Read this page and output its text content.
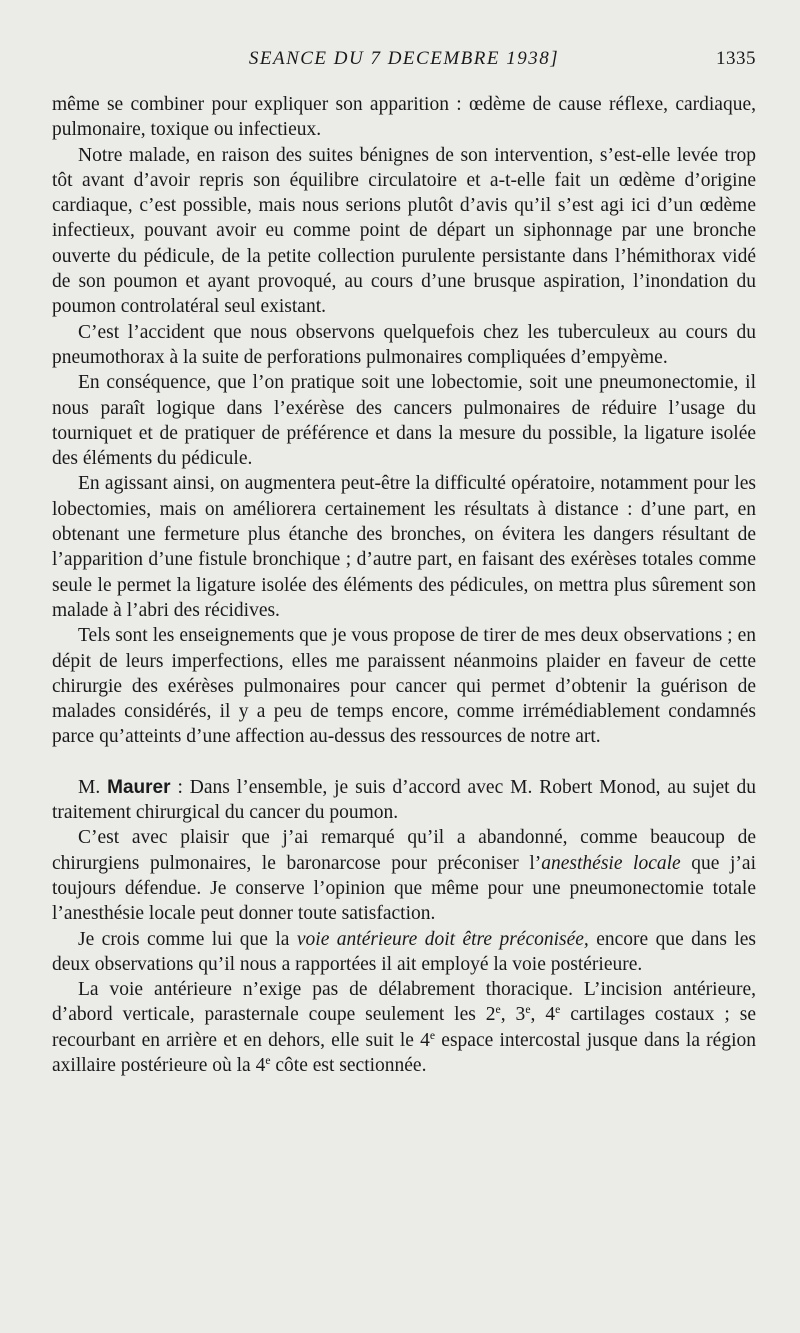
SEANCE DU 7 DECEMBRE 1938]	1335

même se combiner pour expliquer son apparition : œdème de cause réflexe, cardiaque, pulmonaire, toxique ou infectieux.

Notre malade, en raison des suites bénignes de son intervention, s’est-elle levée trop tôt avant d’avoir repris son équilibre circulatoire et a-t-elle fait un œdème d’origine cardiaque, c’est possible, mais nous serions plutôt d’avis qu’il s’est agi ici d’un œdème infectieux, pouvant avoir eu comme point de départ un siphonnage par une bronche ouverte du pédicule, de la petite collection purulente persistante dans l’hémithorax vidé de son poumon et ayant provoqué, au cours d’une brusque aspiration, l’inondation du poumon controlatéral seul existant.

C’est l’accident que nous observons quelquefois chez les tuberculeux au cours du pneumothorax à la suite de perforations pulmonaires compliquées d’empyème.

En conséquence, que l’on pratique soit une lobectomie, soit une pneumonectomie, il nous paraît logique dans l’exérèse des cancers pulmonaires de réduire l’usage du tourniquet et de pratiquer de préférence et dans la mesure du possible, la ligature isolée des éléments du pédicule.

En agissant ainsi, on augmentera peut-être la difficulté opératoire, notamment pour les lobectomies, mais on améliorera certainement les résultats à distance : d’une part, en obtenant une fermeture plus étanche des bronches, on évitera les dangers résultant de l’apparition d’une fistule bronchique ; d’autre part, en faisant des exérèses totales comme seule le permet la ligature isolée des éléments des pédicules, on mettra plus sûrement son malade à l’abri des récidives.

Tels sont les enseignements que je vous propose de tirer de mes deux observations ; en dépit de leurs imperfections, elles me paraissent néanmoins plaider en faveur de cette chirurgie des exérèses pulmonaires pour cancer qui permet d’obtenir la guérison de malades considérés, il y a peu de temps encore, comme irrémédiablement condamnés parce qu’atteints d’une affection au-dessus des ressources de notre art.

M. Maurer : Dans l’ensemble, je suis d’accord avec M. Robert Monod, au sujet du traitement chirurgical du cancer du poumon.

C’est avec plaisir que j’ai remarqué qu’il a abandonné, comme beaucoup de chirurgiens pulmonaires, le baronarcose pour préconiser l’anesthésie locale que j’ai toujours défendue. Je conserve l’opinion que même pour une pneumonectomie totale l’anesthésie locale peut donner toute satisfaction.

Je crois comme lui que la voie antérieure doit être préconisée, encore que dans les deux observations qu’il nous a rapportées il ait employé la voie postérieure.

La voie antérieure n’exige pas de délabrement thoracique. L’incision antérieure, d’abord verticale, parasternale coupe seulement les 2e, 3e, 4e cartilages costaux ; se recourbant en arrière et en dehors, elle suit le 4e espace intercostal jusque dans la région axillaire postérieure où la 4e côte est sectionnée.
